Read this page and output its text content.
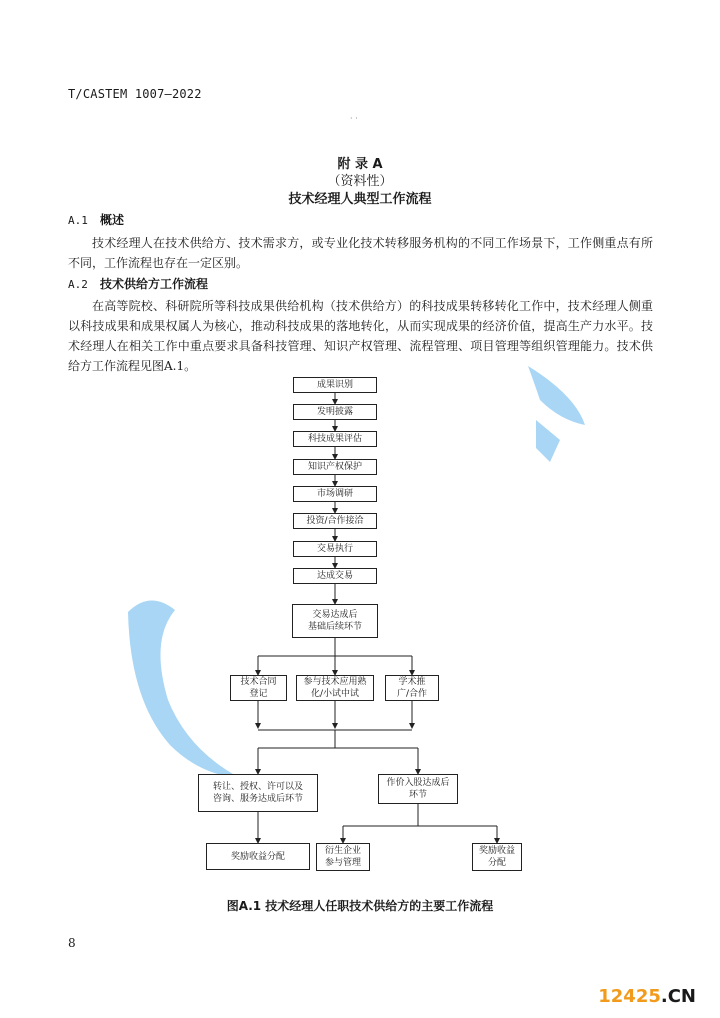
T/CASTEM 1007—2022
· ·
附 录 A
（资料性）
技术经理人典型工作流程
A.1 概述
技术经理人在技术供给方、技术需求方，或专业化技术转移服务机构的不同工作场景下，工作侧重点有所不同，工作流程也存在一定区别。
A.2 技术供给方工作流程
在高等院校、科研院所等科技成果供给机构（技术供给方）的科技成果转移转化工作中，技术经理人侧重以科技成果和成果权属人为核心，推动科技成果的落地转化，从而实现成果的经济价值，提高生产力水平。技术经理人在相关工作中重点要求具备科技管理、知识产权管理、流程管理、项目管理等组织管理能力。技术供给方工作流程见图A.1。
成果识别
发明披露
科技成果评估
知识产权保护
市场调研
投资/合作接洽
交易执行
达成交易
交易达成后
基础后续环节
技术合同
登记
参与技术应用熟
化/小试中试
学术推
广/合作
转让、授权、许可以及
咨询、服务达成后环节
作价入股达成后
环节
奖励收益分配
衍生企业
参与管理
奖励收益
分配
图A.1 技术经理人任职技术供给方的主要工作流程
8
12425.CN
